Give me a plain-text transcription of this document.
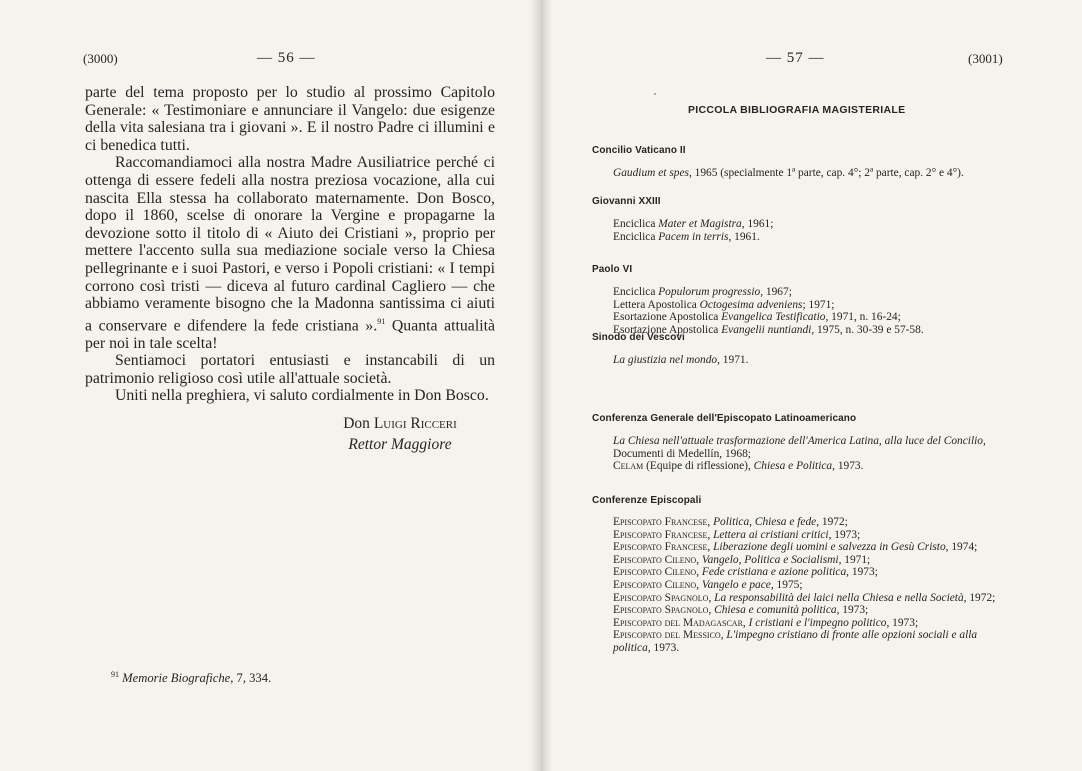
(3000)	— 56 —

parte del tema proposto per lo studio al prossimo Capitolo Generale: « Testimoniare e annunciare il Vangelo: due esigenze della vita salesiana tra i giovani ». E il nostro Padre ci illumini e ci benedica tutti.

Raccomandiamoci alla nostra Madre Ausiliatrice perché ci ottenga di essere fedeli alla nostra preziosa vocazione, alla cui nascita Ella stessa ha collaborato maternamente. Don Bosco, dopo il 1860, scelse di onorare la Vergine e propagarne la devozione sotto il titolo di « Aiuto dei Cristiani », proprio per mettere l'accento sulla sua mediazione sociale verso la Chiesa pellegrinante e i suoi Pastori, e verso i Popoli cristiani: « I tempi corrono così tristi — diceva al futuro cardinal Cagliero — che abbiamo veramente bisogno che la Madonna santissima ci aiuti a conservare e difendere la fede cristiana ».$^{91}$ Quanta attualità per noi in tale scelta!

Sentiamoci portatori entusiasti e instancabili di un patrimonio religioso così utile all'attuale società.

Uniti nella preghiera, vi saluto cordialmente in Don Bosco.

Don Luigi Ricceri
Rettor Maggiore
$^{91}$ Memorie Biografiche, 7, 334.
— 57 —	(3001)
PICCOLA BIBLIOGRAFIA MAGISTERIALE
Concilio Vaticano II
Gaudium et spes, 1965 (specialmente 1ª parte, cap. 4°; 2ª parte, cap. 2° e 4°).
Giovanni XXIII
Enciclica Mater et Magistra, 1961;
Enciclica Pacem in terris, 1961.
Paolo VI
Enciclica Populorum progressio, 1967;
Lettera Apostolica Octogesima adveniens; 1971;
Esortazione Apostolica Evangelica Testificatio, 1971, n. 16-24;
Esortazione Apostolica Evangelii nuntiandi, 1975, n. 30-39 e 57-58.
Sinodo dei Vescovi
La giustizia nel mondo, 1971.
Conferenza Generale dell'Episcopato Latinoamericano
La Chiesa nell'attuale trasformazione dell'America Latina, alla luce del Concilio, Documenti di Medellín, 1968;
Celam (Equipe di riflessione), Chiesa e Politica, 1973.
Conferenze Episcopali
Episcopato Francese, Politica, Chiesa e fede, 1972;
Episcopato Francese, Lettera ai cristiani critici, 1973;
Episcopato Francese, Liberazione degli uomini e salvezza in Gesù Cristo, 1974;
Episcopato Cileno, Vangelo, Politica e Socialismi, 1971;
Episcopato Cileno, Fede cristiana e azione politica, 1973;
Episcopato Cileno, Vangelo e pace, 1975;
Episcopato Spagnolo, La responsabilità dei laici nella Chiesa e nella Società, 1972;
Episcopato Spagnolo, Chiesa e comunità politica, 1973;
Episcopato del Madagascar, I cristiani e l'impegno politico, 1973;
Episcopato del Messico, L'impegno cristiano di fronte alle opzioni sociali e alla politica, 1973.
